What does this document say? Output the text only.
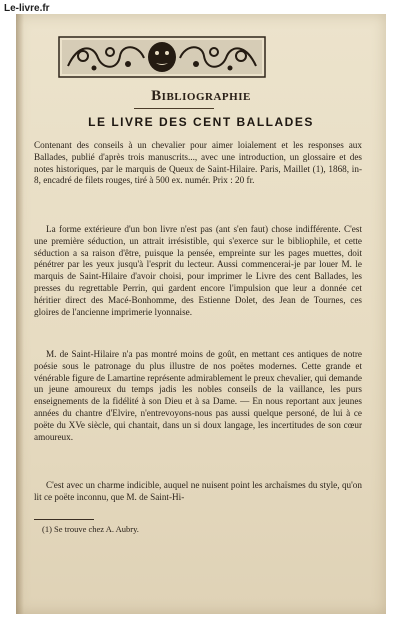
Le-livre.fr
Bibliographie
LE LIVRE DES CENT BALLADES
Contenant des conseils à un chevalier pour aimer loialement et les responses aux Ballades, publié d'après trois manuscrits..., avec une introduction, un glossaire et des notes historiques, par le marquis de Queux de Saint-Hilaire. Paris, Maillet (1), 1868, in-8, encadré de filets rouges, tiré à 500 ex. numér. Prix : 20 fr.
La forme extérieure d'un bon livre n'est pas (ant s'en faut) chose indifférente. C'est une première séduction, un attrait irrésistible, qui s'exerce sur le bibliophile, et cette séduction a sa raison d'être, puisque la pensée, empreinte sur les pages muettes, doit pénétrer par les yeux jusqu'à l'esprit du lecteur. Aussi commencerai-je par louer M. le marquis de Saint-Hilaire d'avoir choisi, pour imprimer le Livre des cent Ballades, les presses du regrettable Perrin, qui gardent encore l'impulsion que leur a donnée cet héritier direct des Macé-Bonhomme, des Estienne Dolet, des Jean de Tournes, ces gloires de l'ancienne imprimerie lyonnaise.
M. de Saint-Hilaire n'a pas montré moins de goût, en mettant ces antiques de notre poésie sous le patronage du plus illustre de nos poëtes modernes. Cette grande et vénérable figure de Lamartine représente admirablement le preux chevalier, qui demande un jeune amoureux du temps jadis les nobles conseils de la vaillance, les purs enseignements de la fidélité à son Dieu et à sa Dame. — En nous reportant aux jeunes années du chantre d'Elvire, n'entrevoyons-nous pas aussi quelque personé, de lui à ce poëte du XVe siècle, qui chantait, dans un si doux langage, les incertitudes de son cœur amoureux.
C'est avec un charme indicible, auquel ne nuisent point les archaïsmes du style, qu'on lit ce poëte inconnu, que M. de Saint-Hi-
(1) Se trouve chez A. Aubry.
